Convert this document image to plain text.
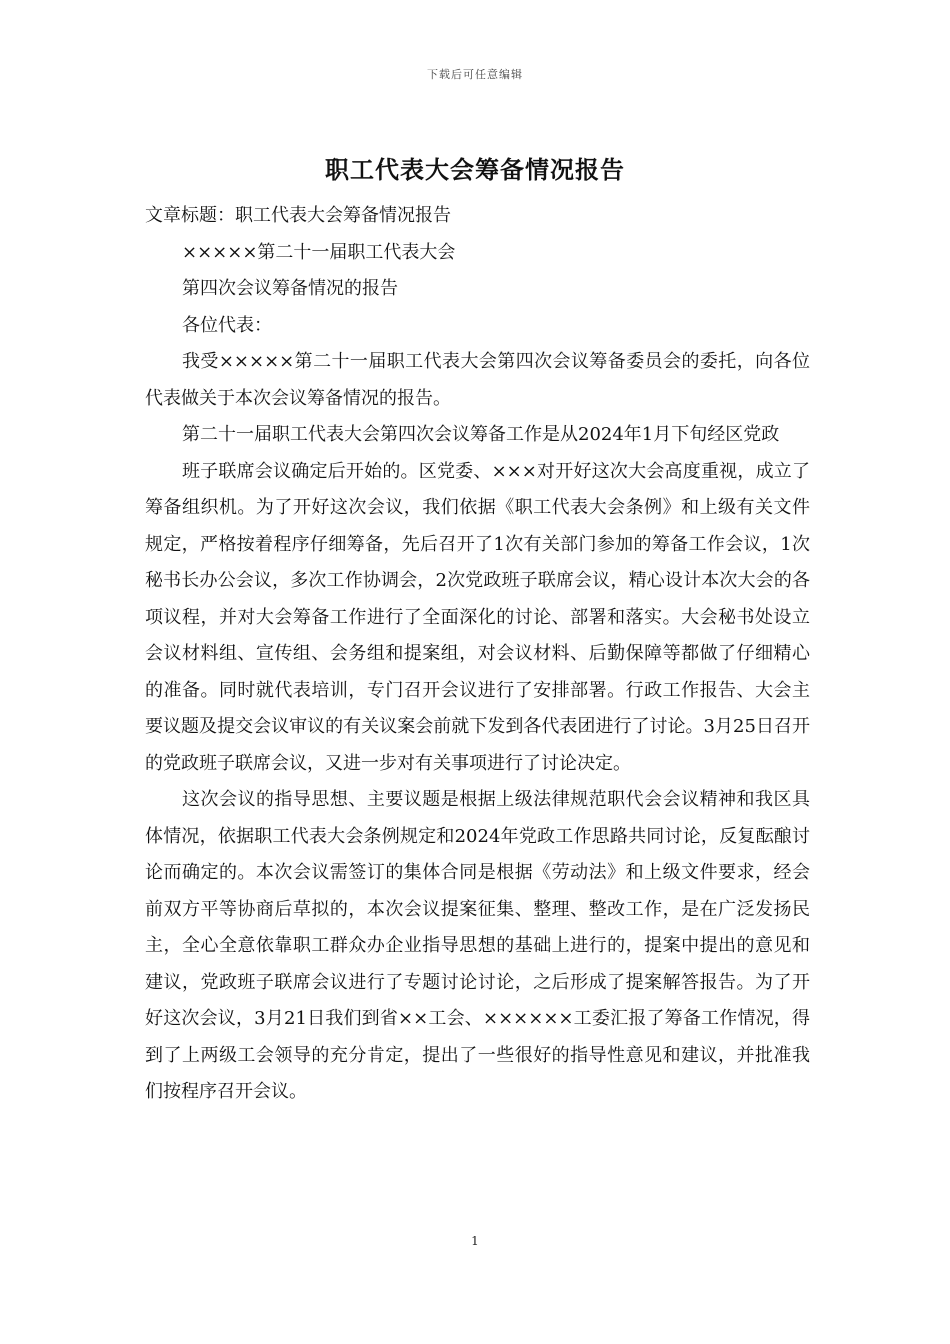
下载后可任意编辑
职工代表大会筹备情况报告

文章标题：职工代表大会筹备情况报告

×××××第二十一届职工代表大会

第四次会议筹备情况的报告

各位代表：

我受×××××第二十一届职工代表大会第四次会议筹备委员会的委托，向各位代表做关于本次会议筹备情况的报告。

第二十一届职工代表大会第四次会议筹备工作是从2024年1月下旬经区党政

班子联席会议确定后开始的。区党委、×××对开好这次大会高度重视，成立了筹备组织机。为了开好这次会议，我们依据《职工代表大会条例》和上级有关文件规定，严格按着程序仔细筹备，先后召开了1次有关部门参加的筹备工作会议，1次秘书长办公会议，多次工作协调会，2次党政班子联席会议，精心设计本次大会的各项议程，并对大会筹备工作进行了全面深化的讨论、部署和落实。大会秘书处设立会议材料组、宣传组、会务组和提案组，对会议材料、后勤保障等都做了仔细精心的准备。同时就代表培训，专门召开会议进行了安排部署。行政工作报告、大会主要议题及提交会议审议的有关议案会前就下发到各代表团进行了讨论。3月25日召开的党政班子联席会议，又进一步对有关事项进行了讨论决定。

这次会议的指导思想、主要议题是根据上级法律规范职代会会议精神和我区具体情况，依据职工代表大会条例规定和2024年党政工作思路共同讨论，反复酝酿讨论而确定的。本次会议需签订的集体合同是根据《劳动法》和上级文件要求，经会前双方平等协商后草拟的，本次会议提案征集、整理、整改工作，是在广泛发扬民主，全心全意依靠职工群众办企业指导思想的基础上进行的，提案中提出的意见和建议，党政班子联席会议进行了专题讨论讨论，之后形成了提案解答报告。为了开好这次会议，3月21日我们到省××工会、××××××工委汇报了筹备工作情况，得到了上两级工会领导的充分肯定，提出了一些很好的指导性意见和建议，并批准我们按程序召开会议。

1
